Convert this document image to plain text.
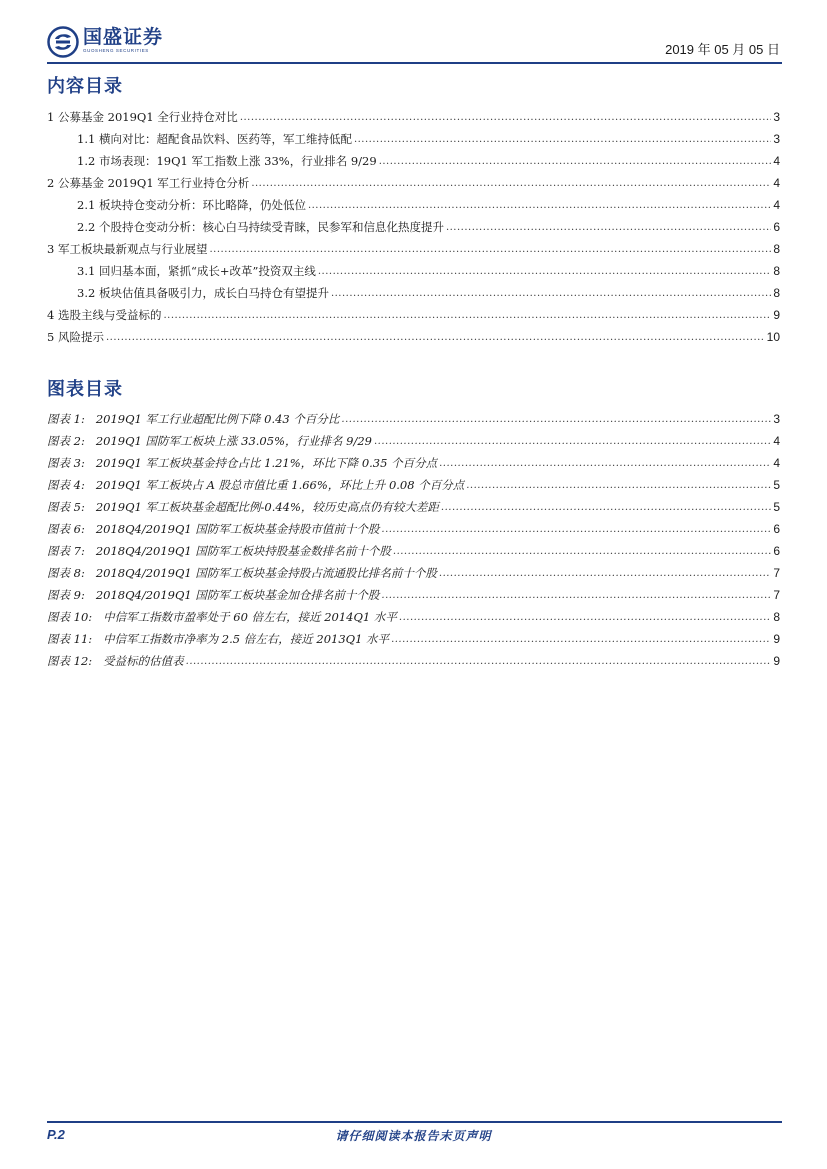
国盛证券
GUOSHENG SECURITIES	2019 年 05 月 05 日
内容目录
1 公募基金 2019Q1 全行业持仓对比 .....	3
1.1 横向对比：超配食品饮料、医药等，军工维持低配 .....	3
1.2 市场表现：19Q1 军工指数上涨 33%，行业排名 9/29 .....	4
2 公募基金 2019Q1 军工行业持仓分析 .....	4
2.1 板块持仓变动分析：环比略降，仍处低位 .....	4
2.2 个股持仓变动分析：核心白马持续受青睐，民参军和信息化热度提升 .....	6
3 军工板块最新观点与行业展望 .....	8
3.1 回归基本面，紧抓“成长+改革”投资双主线 .....	8
3.2 板块估值具备吸引力，成长白马持仓有望提升 .....	8
4 选股主线与受益标的 .....	9
5 风险提示 .....	10
图表目录
图表 1: 2019Q1 军工行业超配比例下降 0.43 个百分比 .....	3
图表 2: 2019Q1 国防军工板块上涨 33.05%，行业排名 9/29 .....	4
图表 3: 2019Q1 军工板块基金持仓占比 1.21%，环比下降 0.35 个百分点 .....	4
图表 4: 2019Q1 军工板块占 A 股总市值比重 1.66%，环比上升 0.08 个百分点 .....	5
图表 5: 2019Q1 军工板块基金超配比例-0.44%，较历史高点仍有较大差距 .....	5
图表 6: 2018Q4/2019Q1 国防军工板块基金持股市值前十个股 .....	6
图表 7: 2018Q4/2019Q1 国防军工板块持股基金数排名前十个股 .....	6
图表 8: 2018Q4/2019Q1 国防军工板块基金持股占流通股比排名前十个股 .....	7
图表 9: 2018Q4/2019Q1 国防军工板块基金加仓排名前十个股 .....	7
图表 10: 中信军工指数市盈率处于 60 倍左右，接近 2014Q1 水平 .....	8
图表 11: 中信军工指数市净率为 2.5 倍左右，接近 2013Q1 水平 .....	9
图表 12: 受益标的估值表 .....	9
P.2	请仔细阅读本报告末页声明
